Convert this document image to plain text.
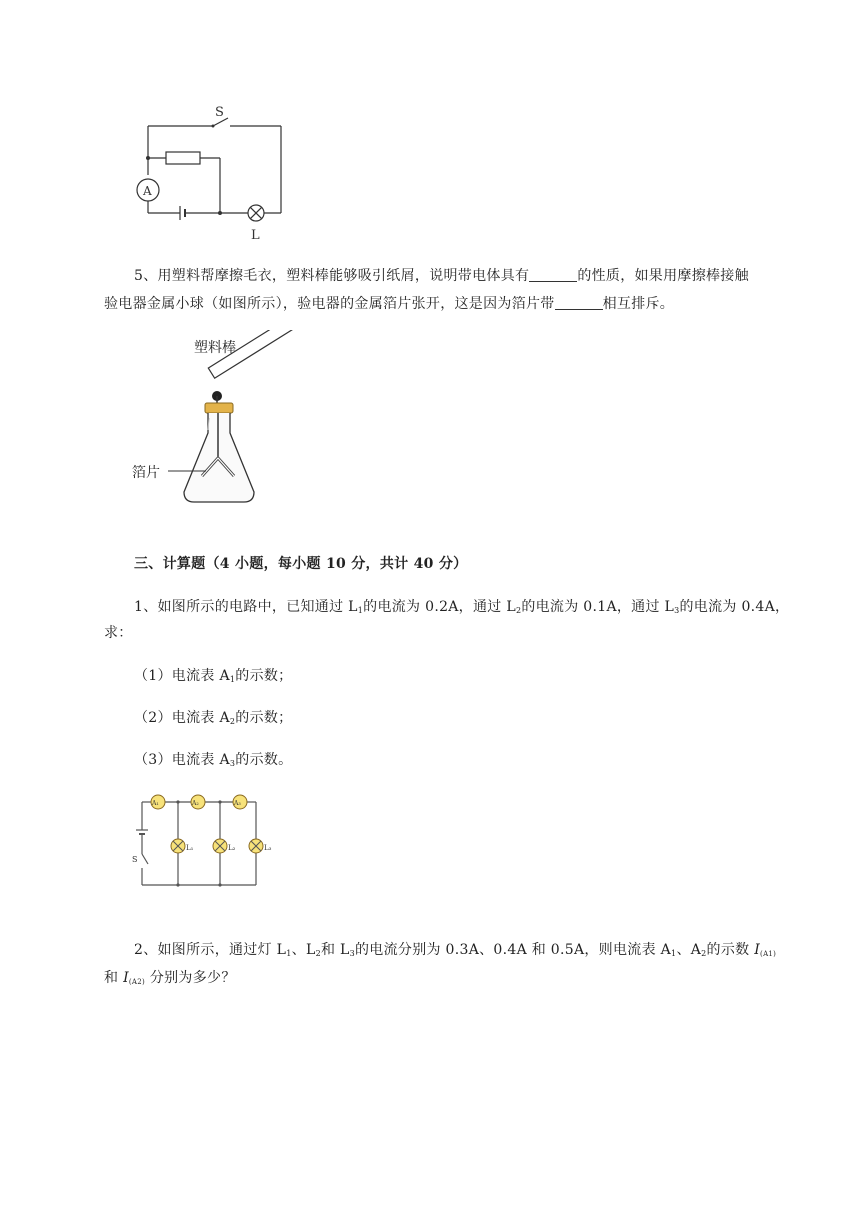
S
A
L
5、用塑料帮摩擦毛衣，塑料棒能够吸引纸屑，说明带电体具有	的性质，如果用摩擦棒接触
验电器金属小球（如图所示），验电器的金属箔片张开，这是因为箔片带	相互排斥。
塑料棒
箔片
三、计算题（4 小题，每小题 10 分，共计 40 分）
1、如图所示的电路中，已知通过 $L_1$的电流为 0.2A，通过 $L_2$的电流为 0.1A，通过 $L_3$的电流为 0.4A，
求：
（1）电流表 $A_1$的示数；
（2）电流表 $A_2$的示数；
（3）电流表 $A_3$的示数。
A₁	A₂	A₃
L₁	L₂	L₃
S
2、如图所示，通过灯 $L_1$、$L_2$和 $L_3$的电流分别为 0.3A、0.4A 和 0.5A，则电流表 $A_1$、$A_2$的示数 I(A1)
和 I(A2) 分别为多少？
